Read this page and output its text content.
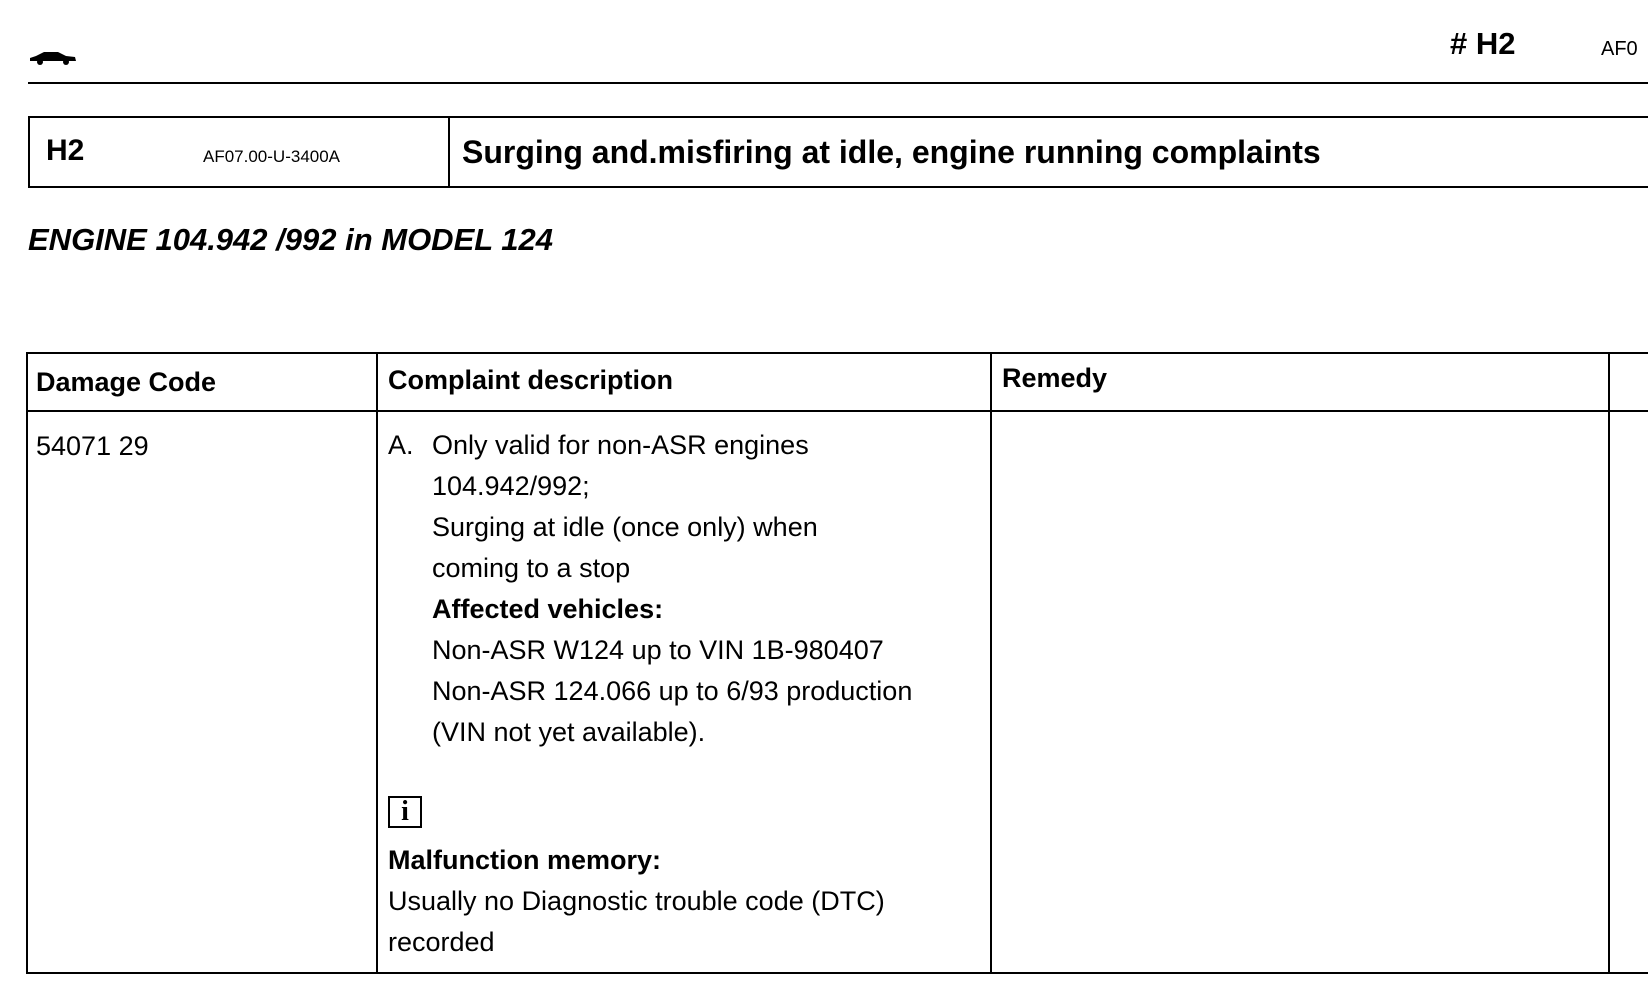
# H2	AF0
H2	AF07.00-U-3400A	Surging and.misfiring at idle, engine running complaints
ENGINE 104.942 /992 in MODEL 124
Damage Code	Complaint description	Remedy
54071 29	A. Only valid for non-ASR engines
104.942/992;
Surging at idle (once only) when
coming to a stop
Affected vehicles:
Non-ASR W124 up to VIN 1B-980407
Non-ASR 124.066 up to 6/93 production
(VIN not yet available).
i
Malfunction memory:
Usually no Diagnostic trouble code (DTC)
recorded
